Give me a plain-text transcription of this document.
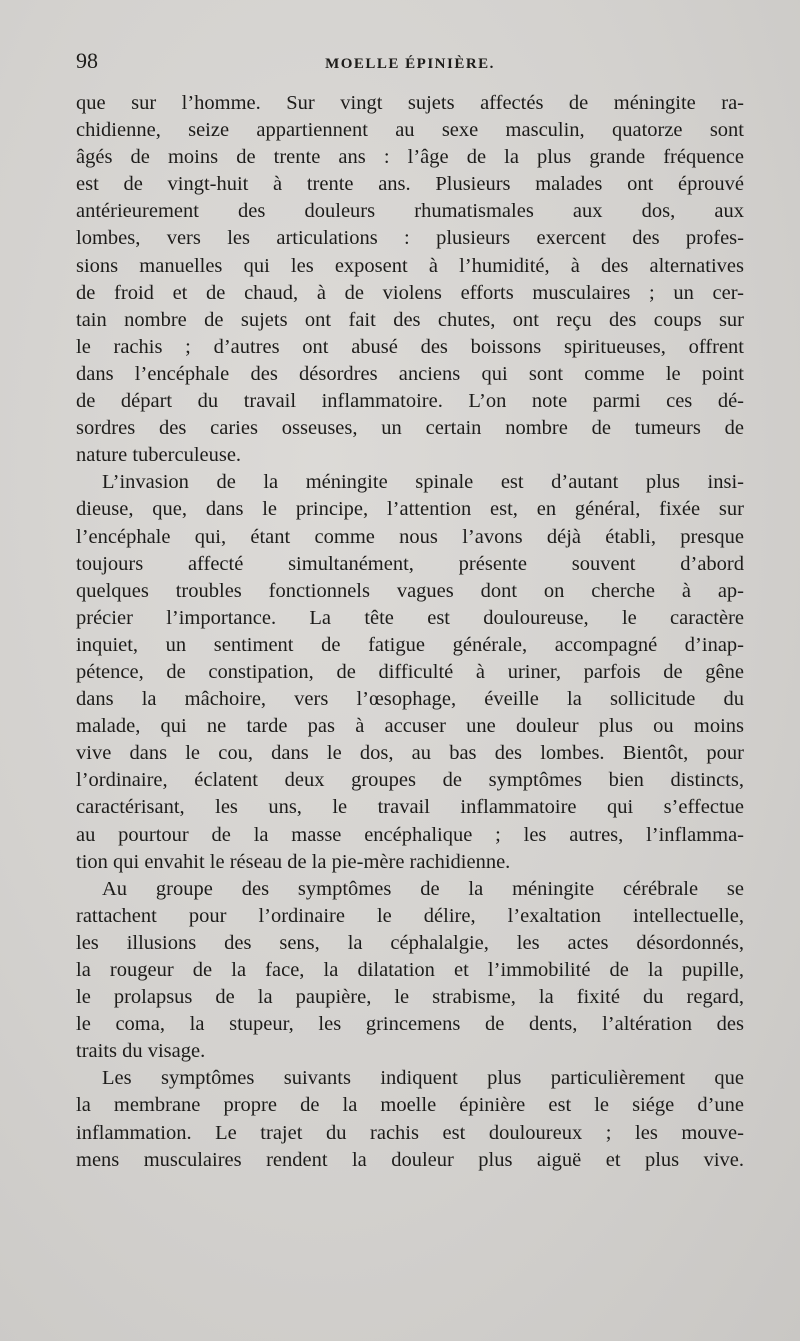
98	MOELLE ÉPINIÈRE.
que sur l’homme. Sur vingt sujets affectés de méningite ra-
chidienne, seize appartiennent au sexe masculin, quatorze sont
âgés de moins de trente ans : l’âge de la plus grande fréquence
est de vingt-huit à trente ans. Plusieurs malades ont éprouvé
antérieurement des douleurs rhumatismales aux dos, aux
lombes, vers les articulations : plusieurs exercent des profes-
sions manuelles qui les exposent à l’humidité, à des alternatives
de froid et de chaud, à de violens efforts musculaires ; un cer-
tain nombre de sujets ont fait des chutes, ont reçu des coups sur
le rachis ; d’autres ont abusé des boissons spiritueuses, offrent
dans l’encéphale des désordres anciens qui sont comme le point
de départ du travail inflammatoire. L’on note parmi ces dé-
sordres des caries osseuses, un certain nombre de tumeurs de
nature tuberculeuse.
L’invasion de la méningite spinale est d’autant plus insi-
dieuse, que, dans le principe, l’attention est, en général, fixée sur
l’encéphale qui, étant comme nous l’avons déjà établi, presque
toujours affecté simultanément, présente souvent d’abord
quelques troubles fonctionnels vagues dont on cherche à ap-
précier l’importance. La tête est douloureuse, le caractère
inquiet, un sentiment de fatigue générale, accompagné d’inap-
pétence, de constipation, de difficulté à uriner, parfois de gêne
dans la mâchoire, vers l’œsophage, éveille la sollicitude du
malade, qui ne tarde pas à accuser une douleur plus ou moins
vive dans le cou, dans le dos, au bas des lombes. Bientôt, pour
l’ordinaire, éclatent deux groupes de symptômes bien distincts,
caractérisant, les uns, le travail inflammatoire qui s’effectue
au pourtour de la masse encéphalique ; les autres, l’inflamma-
tion qui envahit le réseau de la pie-mère rachidienne.
Au groupe des symptômes de la méningite cérébrale se
rattachent pour l’ordinaire le délire, l’exaltation intellectuelle,
les illusions des sens, la céphalalgie, les actes désordonnés,
la rougeur de la face, la dilatation et l’immobilité de la pupille,
le prolapsus de la paupière, le strabisme, la fixité du regard,
le coma, la stupeur, les grincemens de dents, l’altération des
traits du visage.
Les symptômes suivants indiquent plus particulièrement que
la membrane propre de la moelle épinière est le siége d’une
inflammation. Le trajet du rachis est douloureux ; les mouve-
mens musculaires rendent la douleur plus aiguë et plus vive.
